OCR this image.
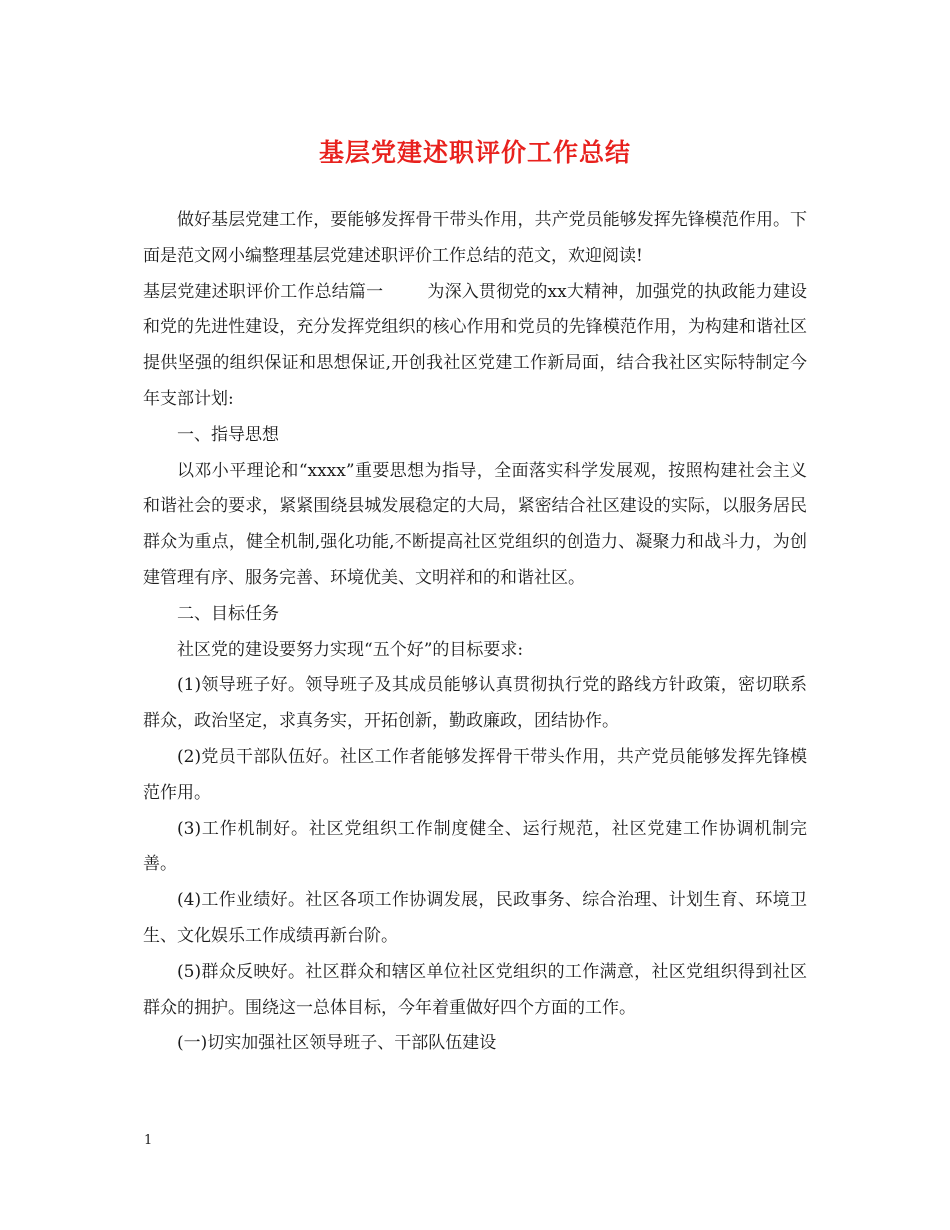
基层党建述职评价工作总结

做好基层党建工作，要能够发挥骨干带头作用，共产党员能够发挥先锋模范作用。下面是范文网小编整理基层党建述职评价工作总结的范文，欢迎阅读!

基层党建述职评价工作总结篇一	为深入贯彻党的xx大精神，加强党的执政能力建设和党的先进性建设，充分发挥党组织的核心作用和党员的先锋模范作用，为构建和谐社区提供坚强的组织保证和思想保证,开创我社区党建工作新局面，结合我社区实际特制定今年支部计划:

一、指导思想

以邓小平理论和“xxxx”重要思想为指导，全面落实科学发展观，按照构建社会主义和谐社会的要求，紧紧围绕县城发展稳定的大局，紧密结合社区建设的实际，以服务居民群众为重点，健全机制,强化功能,不断提高社区党组织的创造力、凝聚力和战斗力，为创建管理有序、服务完善、环境优美、文明祥和的和谐社区。

二、目标任务

社区党的建设要努力实现“五个好”的目标要求:

(1)领导班子好。领导班子及其成员能够认真贯彻执行党的路线方针政策，密切联系群众，政治坚定，求真务实，开拓创新，勤政廉政，团结协作。

(2)党员干部队伍好。社区工作者能够发挥骨干带头作用，共产党员能够发挥先锋模范作用。

(3)工作机制好。社区党组织工作制度健全、运行规范，社区党建工作协调机制完善。

(4)工作业绩好。社区各项工作协调发展，民政事务、综合治理、计划生育、环境卫生、文化娱乐工作成绩再新台阶。

(5)群众反映好。社区群众和辖区单位社区党组织的工作满意，社区党组织得到社区群众的拥护。围绕这一总体目标，今年着重做好四个方面的工作。

(一)切实加强社区领导班子、干部队伍建设

1
